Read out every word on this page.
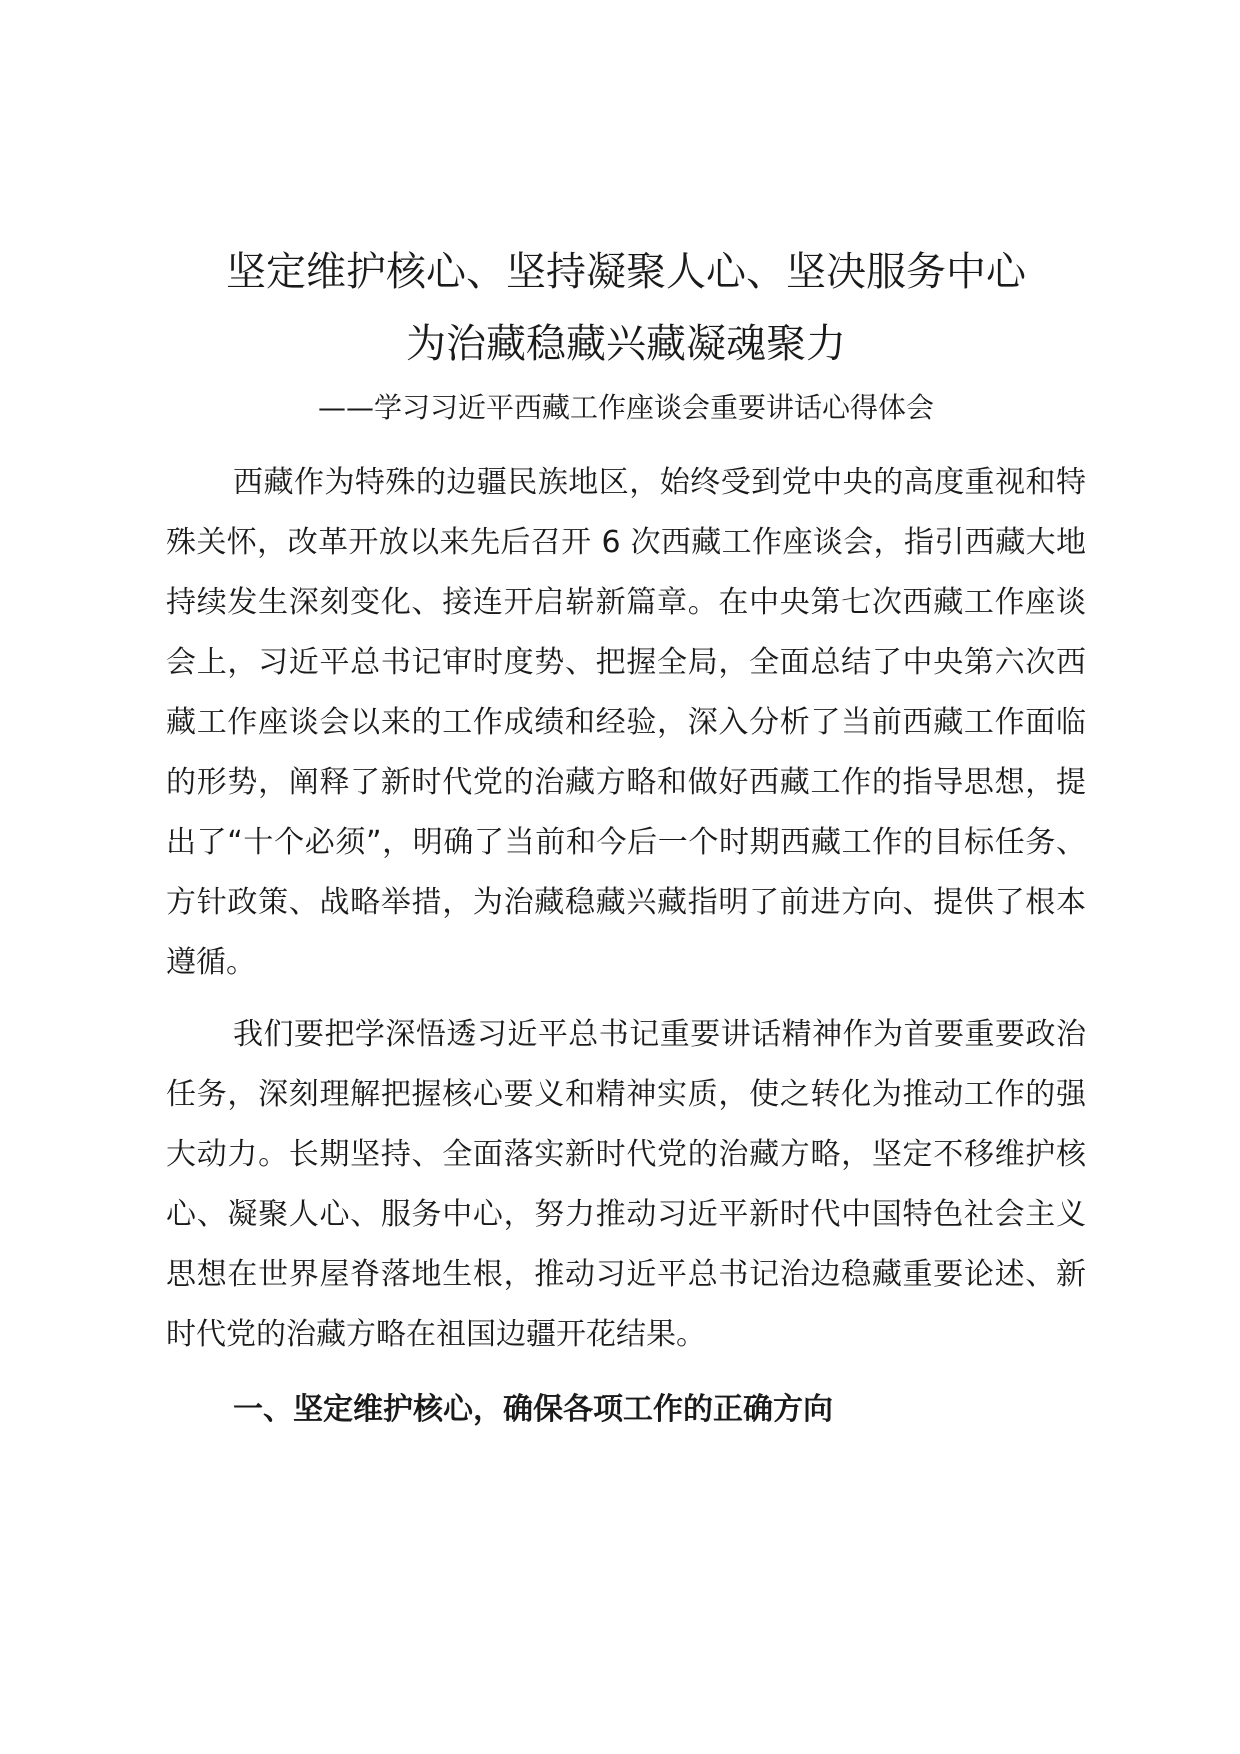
坚定维护核心、坚持凝聚人心、坚决服务中心
为治藏稳藏兴藏凝魂聚力

——学习习近平西藏工作座谈会重要讲话心得体会

西藏作为特殊的边疆民族地区，始终受到党中央的高度重视和特殊关怀，改革开放以来先后召开 6 次西藏工作座谈会，指引西藏大地持续发生深刻变化、接连开启崭新篇章。在中央第七次西藏工作座谈会上，习近平总书记审时度势、把握全局，全面总结了中央第六次西藏工作座谈会以来的工作成绩和经验，深入分析了当前西藏工作面临的形势，阐释了新时代党的治藏方略和做好西藏工作的指导思想，提出了“十个必须”，明确了当前和今后一个时期西藏工作的目标任务、方针政策、战略举措，为治藏稳藏兴藏指明了前进方向、提供了根本遵循。

我们要把学深悟透习近平总书记重要讲话精神作为首要重要政治任务，深刻理解把握核心要义和精神实质，使之转化为推动工作的强大动力。长期坚持、全面落实新时代党的治藏方略，坚定不移维护核心、凝聚人心、服务中心，努力推动习近平新时代中国特色社会主义思想在世界屋脊落地生根，推动习近平总书记治边稳藏重要论述、新时代党的治藏方略在祖国边疆开花结果。

一、坚定维护核心，确保各项工作的正确方向
